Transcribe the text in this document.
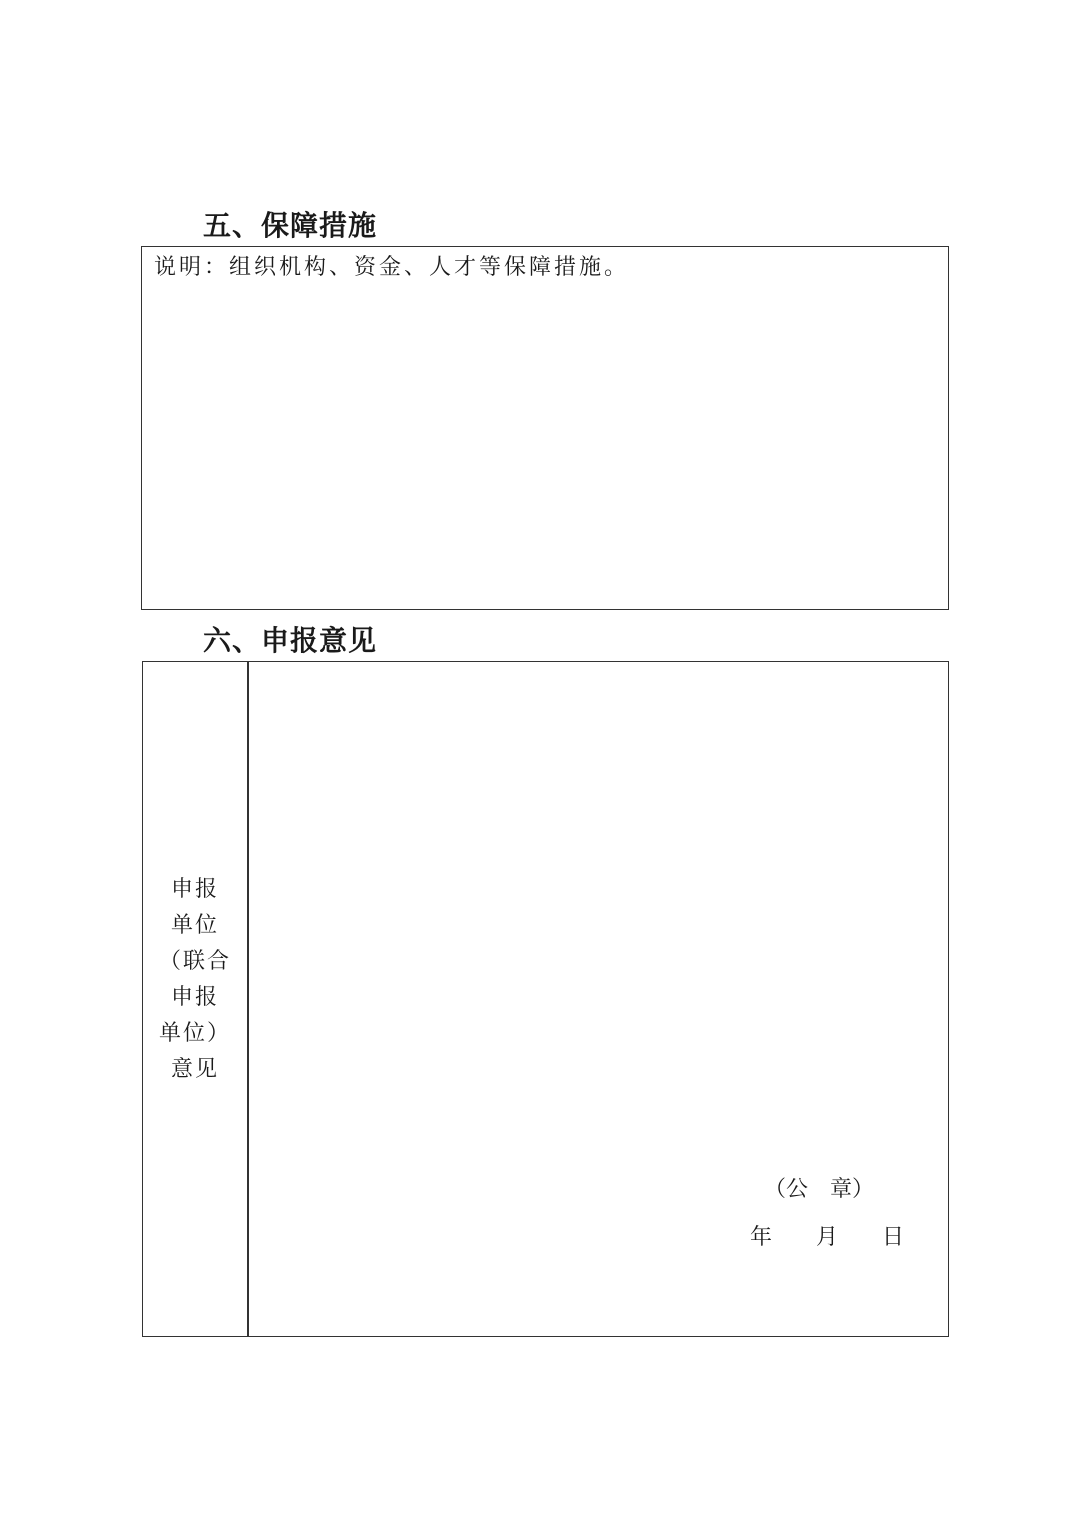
五、保障措施
说明：组织机构、资金、人才等保障措施。
六、申报意见
申报
单位
（联合
申报
单位）
意见
（公　章）
年　　月　　日
